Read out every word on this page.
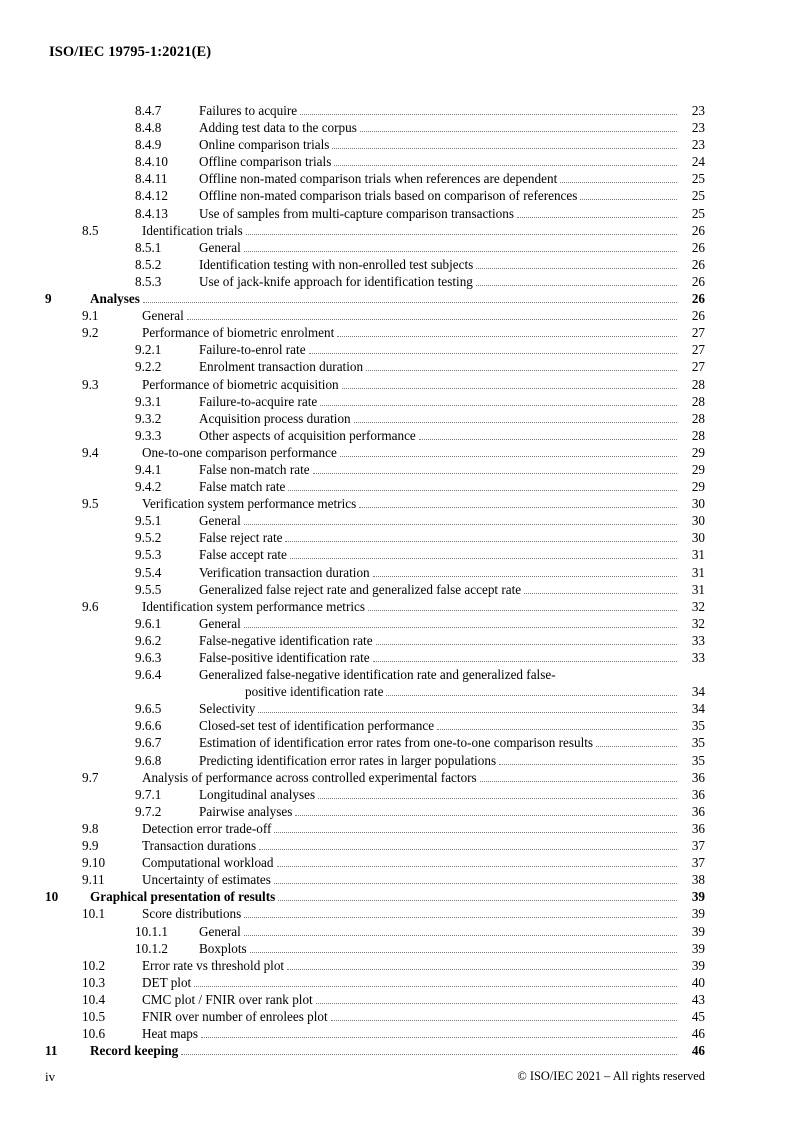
ISO/IEC 19795-1:2021(E)
8.4.7	Failures to acquire	23
8.4.8	Adding test data to the corpus	23
8.4.9	Online comparison trials	23
8.4.10	Offline comparison trials	24
8.4.11	Offline non-mated comparison trials when references are dependent	25
8.4.12	Offline non-mated comparison trials based on comparison of references	25
8.4.13	Use of samples from multi-capture comparison transactions	25
8.5	Identification trials	26
8.5.1	General	26
8.5.2	Identification testing with non-enrolled test subjects	26
8.5.3	Use of jack-knife approach for identification testing	26
9	Analyses	26
9.1	General	26
9.2	Performance of biometric enrolment	27
9.2.1	Failure-to-enrol rate	27
9.2.2	Enrolment transaction duration	27
9.3	Performance of biometric acquisition	28
9.3.1	Failure-to-acquire rate	28
9.3.2	Acquisition process duration	28
9.3.3	Other aspects of acquisition performance	28
9.4	One-to-one comparison performance	29
9.4.1	False non-match rate	29
9.4.2	False match rate	29
9.5	Verification system performance metrics	30
9.5.1	General	30
9.5.2	False reject rate	30
9.5.3	False accept rate	31
9.5.4	Verification transaction duration	31
9.5.5	Generalized false reject rate and generalized false accept rate	31
9.6	Identification system performance metrics	32
9.6.1	General	32
9.6.2	False-negative identification rate	33
9.6.3	False-positive identification rate	33
9.6.4	Generalized false-negative identification rate and generalized false-
positive identification rate	34
9.6.5	Selectivity	34
9.6.6	Closed-set test of identification performance	35
9.6.7	Estimation of identification error rates from one-to-one comparison results	35
9.6.8	Predicting identification error rates in larger populations	35
9.7	Analysis of performance across controlled experimental factors	36
9.7.1	Longitudinal analyses	36
9.7.2	Pairwise analyses	36
9.8	Detection error trade-off	36
9.9	Transaction durations	37
9.10	Computational workload	37
9.11	Uncertainty of estimates	38
10	Graphical presentation of results	39
10.1	Score distributions	39
10.1.1	General	39
10.1.2	Boxplots	39
10.2	Error rate vs threshold plot	39
10.3	DET plot	40
10.4	CMC plot / FNIR over rank plot	43
10.5	FNIR over number of enrolees plot	45
10.6	Heat maps	46
11	Record keeping	46
iv	© ISO/IEC 2021 – All rights reserved
